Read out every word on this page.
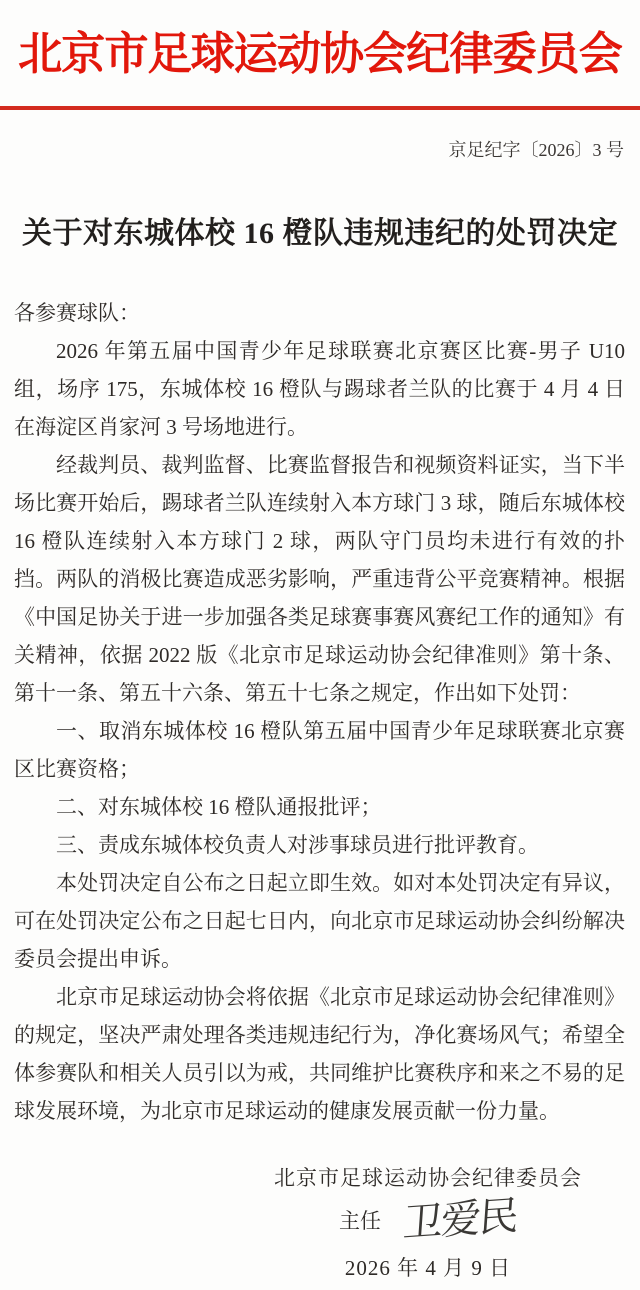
北京市足球运动协会纪律委员会
京足纪字〔2026〕3 号
关于对东城体校 16 橙队违规违纪的处罚决定

各参赛球队：

2026 年第五届中国青少年足球联赛北京赛区比赛-男子 U10 组，场序 175，东城体校 16 橙队与踢球者兰队的比赛于 4 月 4 日在海淀区肖家河 3 号场地进行。

经裁判员、裁判监督、比赛监督报告和视频资料证实，当下半场比赛开始后，踢球者兰队连续射入本方球门 3 球，随后东城体校 16 橙队连续射入本方球门 2 球，两队守门员均未进行有效的扑挡。两队的消极比赛造成恶劣影响，严重违背公平竞赛精神。根据《中国足协关于进一步加强各类足球赛事赛风赛纪工作的通知》有关精神，依据 2022 版《北京市足球运动协会纪律准则》第十条、第十一条、第五十六条、第五十七条之规定，作出如下处罚：

一、取消东城体校 16 橙队第五届中国青少年足球联赛北京赛区比赛资格；

二、对东城体校 16 橙队通报批评；

三、责成东城体校负责人对涉事球员进行批评教育。

本处罚决定自公布之日起立即生效。如对本处罚决定有异议，可在处罚决定公布之日起七日内，向北京市足球运动协会纠纷解决委员会提出申诉。

北京市足球运动协会将依据《北京市足球运动协会纪律准则》的规定，坚决严肃处理各类违规违纪行为，净化赛场风气；希望全体参赛队和相关人员引以为戒，共同维护比赛秩序和来之不易的足球发展环境，为北京市足球运动的健康发展贡献一份力量。

北京市足球运动协会纪律委员会
主任 卫爱民
2026 年 4 月 9 日
